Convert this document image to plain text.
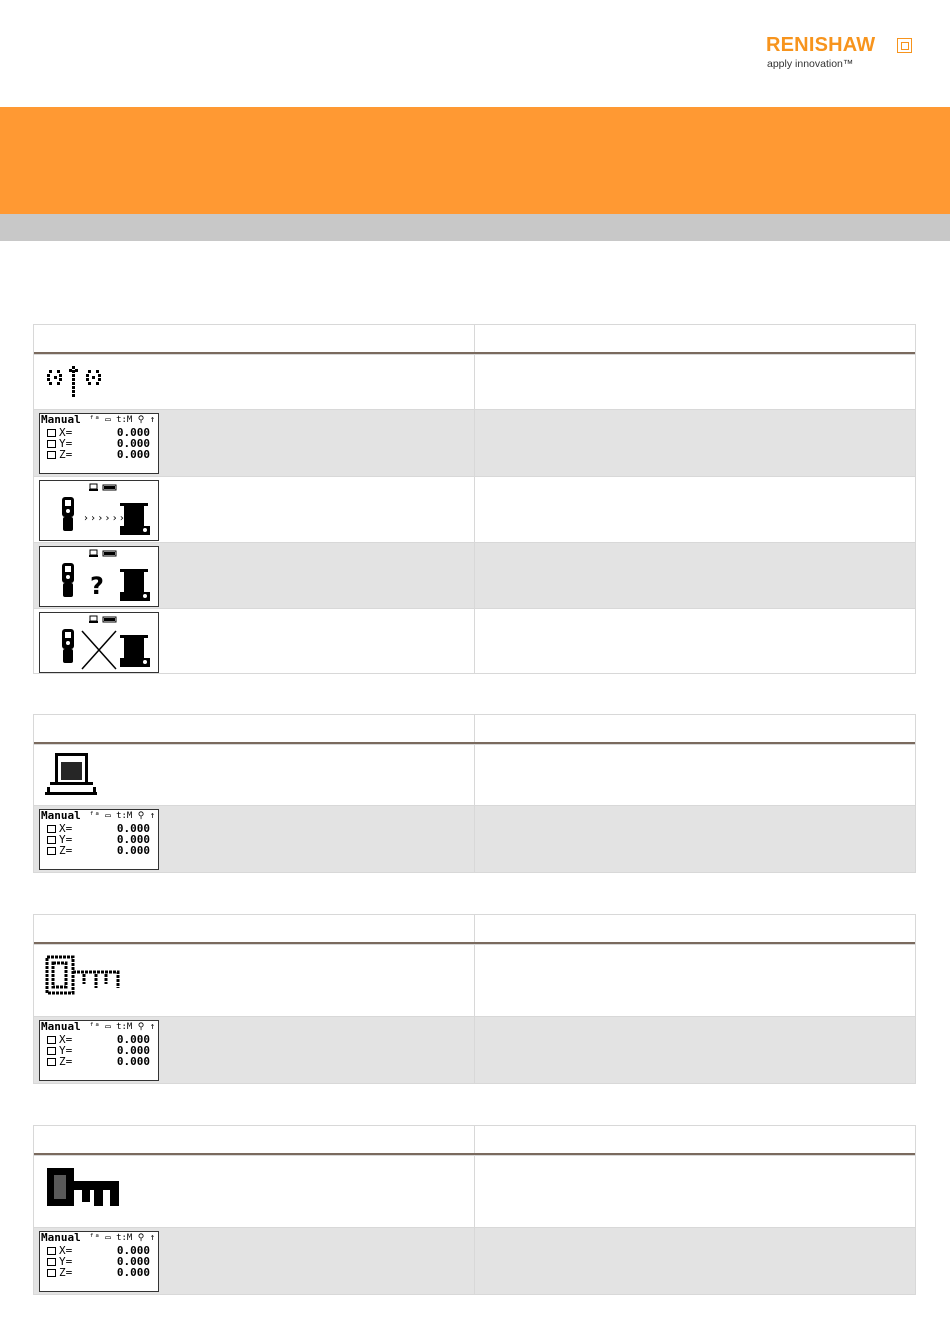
RENISHAW
apply innovation™
Manual ᶠᵃ ▭ t:M ⚲ ↑
X=	0.000
Y=	0.000
Z=	0.000
› › › › › ›
?
Manual ᶠᵃ ▭ t:M ⚲ ↑
X=	0.000
Y=	0.000
Z=	0.000
Manual ᶠᵃ ▭ t:M ⚲ ↑
X=	0.000
Y=	0.000
Z=	0.000
Manual ᶠᵃ ▭ t:M ⚲ ↑
X=	0.000
Y=	0.000
Z=	0.000
